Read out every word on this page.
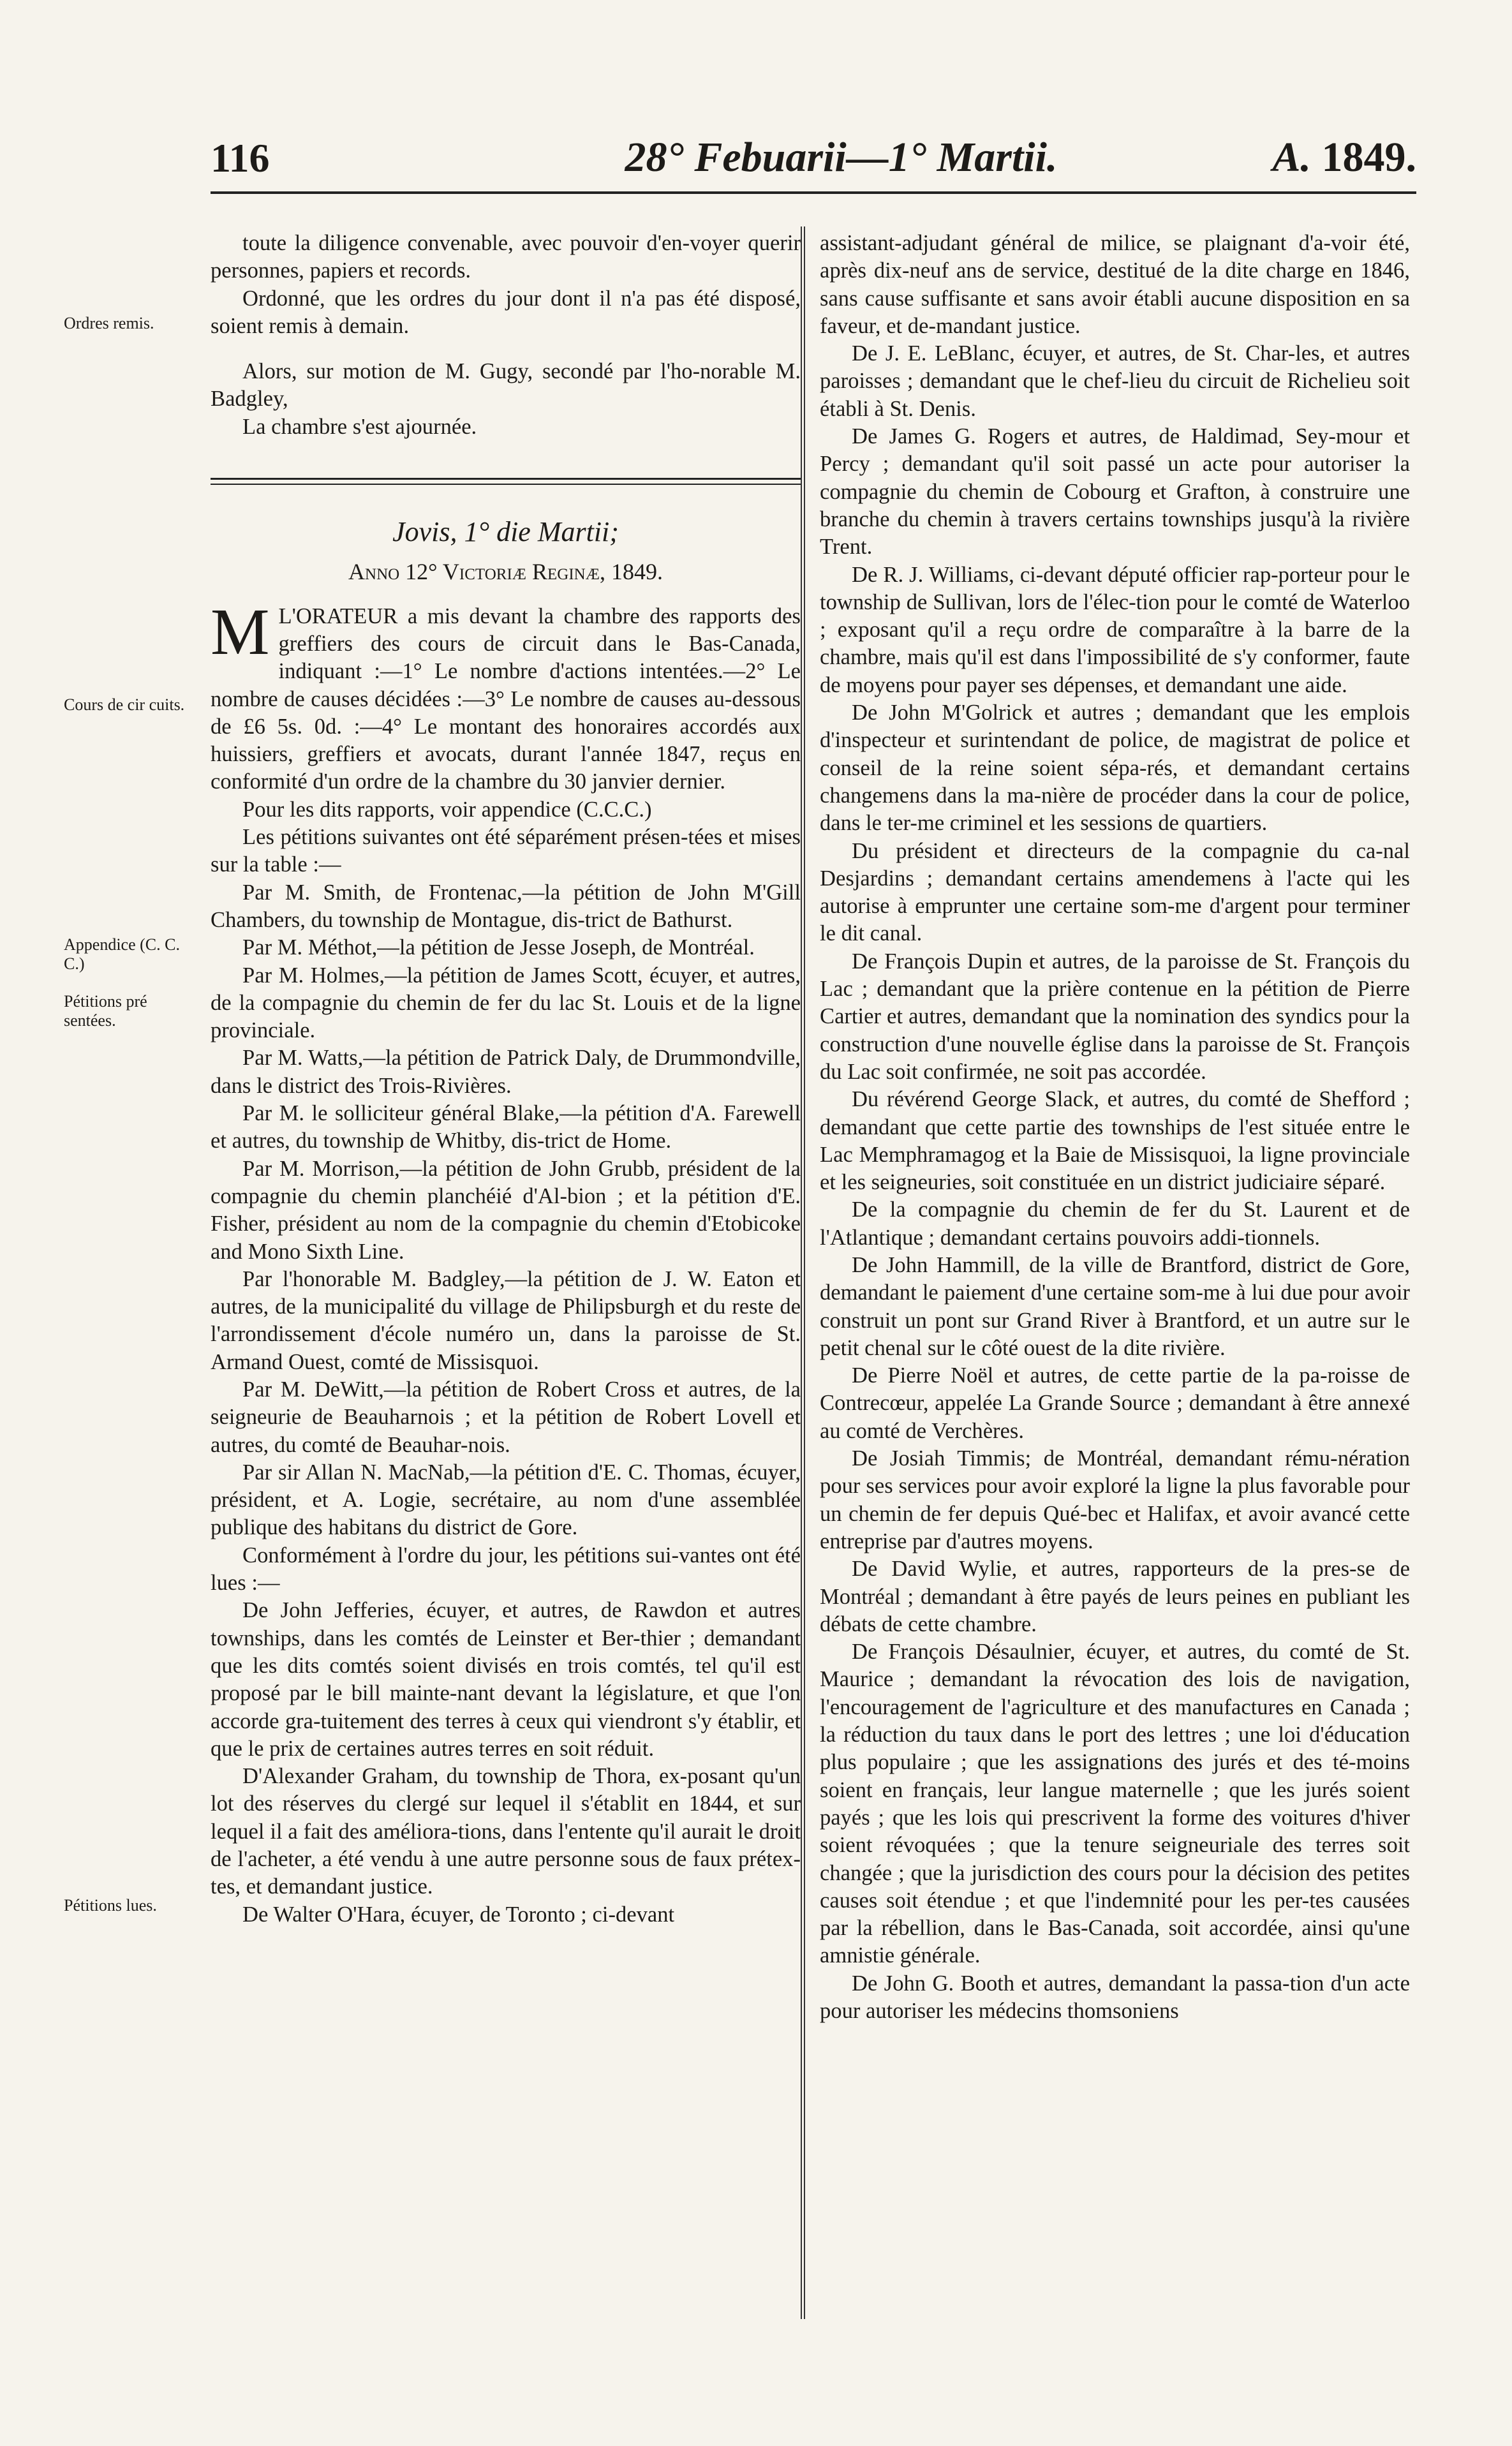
116	28° Febuarii—1° Martii.	A. 1849.
Ordres remis.
Cours de cir cuits.
Appendice (C. C. C.)
Pétitions pré sentées.
Pétitions lues.

toute la diligence convenable, avec pouvoir d'en-voyer querir personnes, papiers et records.

Ordonné, que les ordres du jour dont il n'a pas été disposé, soient remis à demain.

Alors, sur motion de M. Gugy, secondé par l'ho-norable M. Badgley,

La chambre s'est ajournée.

Jovis, 1° die Martii;
Anno 12° Victoriæ Reginæ, 1849.

M L'ORATEUR a mis devant la chambre des rapports des greffiers des cours de circuit dans le Bas-Canada, indiquant :—1° Le nombre d'actions intentées.—2° Le nombre de causes décidées :—3° Le nombre de causes au-dessous de £6 5s. 0d. :—4° Le montant des honoraires accordés aux huissiers, greffiers et avocats, durant l'année 1847, reçus en conformité d'un ordre de la chambre du 30 janvier dernier.

Pour les dits rapports, voir appendice (C.C.C.)

Les pétitions suivantes ont été séparément présen-tées et mises sur la table :—

Par M. Smith, de Frontenac,—la pétition de John M'Gill Chambers, du township de Montague, dis-trict de Bathurst.

Par M. Méthot,—la pétition de Jesse Joseph, de Montréal.

Par M. Holmes,—la pétition de James Scott, écuyer, et autres, de la compagnie du chemin de fer du lac St. Louis et de la ligne provinciale.

Par M. Watts,—la pétition de Patrick Daly, de Drummondville, dans le district des Trois-Rivières.

Par M. le solliciteur général Blake,—la pétition d'A. Farewell et autres, du township de Whitby, dis-trict de Home.

Par M. Morrison,—la pétition de John Grubb, président de la compagnie du chemin planchéié d'Al-bion ; et la pétition d'E. Fisher, président au nom de la compagnie du chemin d'Etobicoke and Mono Sixth Line.

Par l'honorable M. Badgley,—la pétition de J. W. Eaton et autres, de la municipalité du village de Philipsburgh et du reste de l'arrondissement d'école numéro un, dans la paroisse de St. Armand Ouest, comté de Missisquoi.

Par M. DeWitt,—la pétition de Robert Cross et autres, de la seigneurie de Beauharnois ; et la pétition de Robert Lovell et autres, du comté de Beauhar-nois.

Par sir Allan N. MacNab,—la pétition d'E. C. Thomas, écuyer, président, et A. Logie, secrétaire, au nom d'une assemblée publique des habitans du district de Gore.

Conformément à l'ordre du jour, les pétitions sui-vantes ont été lues :—

De John Jefferies, écuyer, et autres, de Rawdon et autres townships, dans les comtés de Leinster et Ber-thier ; demandant que les dits comtés soient divisés en trois comtés, tel qu'il est proposé par le bill mainte-nant devant la législature, et que l'on accorde gra-tuitement des terres à ceux qui viendront s'y établir, et que le prix de certaines autres terres en soit réduit.

D'Alexander Graham, du township de Thora, ex-posant qu'un lot des réserves du clergé sur lequel il s'établit en 1844, et sur lequel il a fait des améliora-tions, dans l'entente qu'il aurait le droit de l'acheter, a été vendu à une autre personne sous de faux prétex-tes, et demandant justice.

De Walter O'Hara, écuyer, de Toronto ; ci-devant

assistant-adjudant général de milice, se plaignant d'a-voir été, après dix-neuf ans de service, destitué de la dite charge en 1846, sans cause suffisante et sans avoir établi aucune disposition en sa faveur, et de-mandant justice.

De J. E. LeBlanc, écuyer, et autres, de St. Char-les, et autres paroisses ; demandant que le chef-lieu du circuit de Richelieu soit établi à St. Denis.

De James G. Rogers et autres, de Haldimad, Sey-mour et Percy ; demandant qu'il soit passé un acte pour autoriser la compagnie du chemin de Cobourg et Grafton, à construire une branche du chemin à travers certains townships jusqu'à la rivière Trent.

De R. J. Williams, ci-devant député officier rap-porteur pour le township de Sullivan, lors de l'élec-tion pour le comté de Waterloo ; exposant qu'il a reçu ordre de comparaître à la barre de la chambre, mais qu'il est dans l'impossibilité de s'y conformer, faute de moyens pour payer ses dépenses, et demandant une aide.

De John M'Golrick et autres ; demandant que les emplois d'inspecteur et surintendant de police, de magistrat de police et conseil de la reine soient sépa-rés, et demandant certains changemens dans la ma-nière de procéder dans la cour de police, dans le ter-me criminel et les sessions de quartiers.

Du président et directeurs de la compagnie du ca-nal Desjardins ; demandant certains amendemens à l'acte qui les autorise à emprunter une certaine som-me d'argent pour terminer le dit canal.

De François Dupin et autres, de la paroisse de St. François du Lac ; demandant que la prière contenue en la pétition de Pierre Cartier et autres, demandant que la nomination des syndics pour la construction d'une nouvelle église dans la paroisse de St. François du Lac soit confirmée, ne soit pas accordée.

Du révérend George Slack, et autres, du comté de Shefford ; demandant que cette partie des townships de l'est située entre le Lac Memphramagog et la Baie de Missisquoi, la ligne provinciale et les seigneuries, soit constituée en un district judiciaire séparé.

De la compagnie du chemin de fer du St. Laurent et de l'Atlantique ; demandant certains pouvoirs addi-tionnels.

De John Hammill, de la ville de Brantford, district de Gore, demandant le paiement d'une certaine som-me à lui due pour avoir construit un pont sur Grand River à Brantford, et un autre sur le petit chenal sur le côté ouest de la dite rivière.

De Pierre Noël et autres, de cette partie de la pa-roisse de Contrecœur, appelée La Grande Source ; demandant à être annexé au comté de Verchères.

De Josiah Timmis; de Montréal, demandant rému-nération pour ses services pour avoir exploré la ligne la plus favorable pour un chemin de fer depuis Qué-bec et Halifax, et avoir avancé cette entreprise par d'autres moyens.

De David Wylie, et autres, rapporteurs de la pres-se de Montréal ; demandant à être payés de leurs peines en publiant les débats de cette chambre.

De François Désaulnier, écuyer, et autres, du comté de St. Maurice ; demandant la révocation des lois de navigation, l'encouragement de l'agriculture et des manufactures en Canada ; la réduction du taux dans le port des lettres ; une loi d'éducation plus populaire ; que les assignations des jurés et des té-moins soient en français, leur langue maternelle ; que les jurés soient payés ; que les lois qui prescrivent la forme des voitures d'hiver soient révoquées ; que la tenure seigneuriale des terres soit changée ; que la jurisdiction des cours pour la décision des petites causes soit étendue ; et que l'indemnité pour les per-tes causées par la rébellion, dans le Bas-Canada, soit accordée, ainsi qu'une amnistie générale.

De John G. Booth et autres, demandant la passa-tion d'un acte pour autoriser les médecins thomsoniens
